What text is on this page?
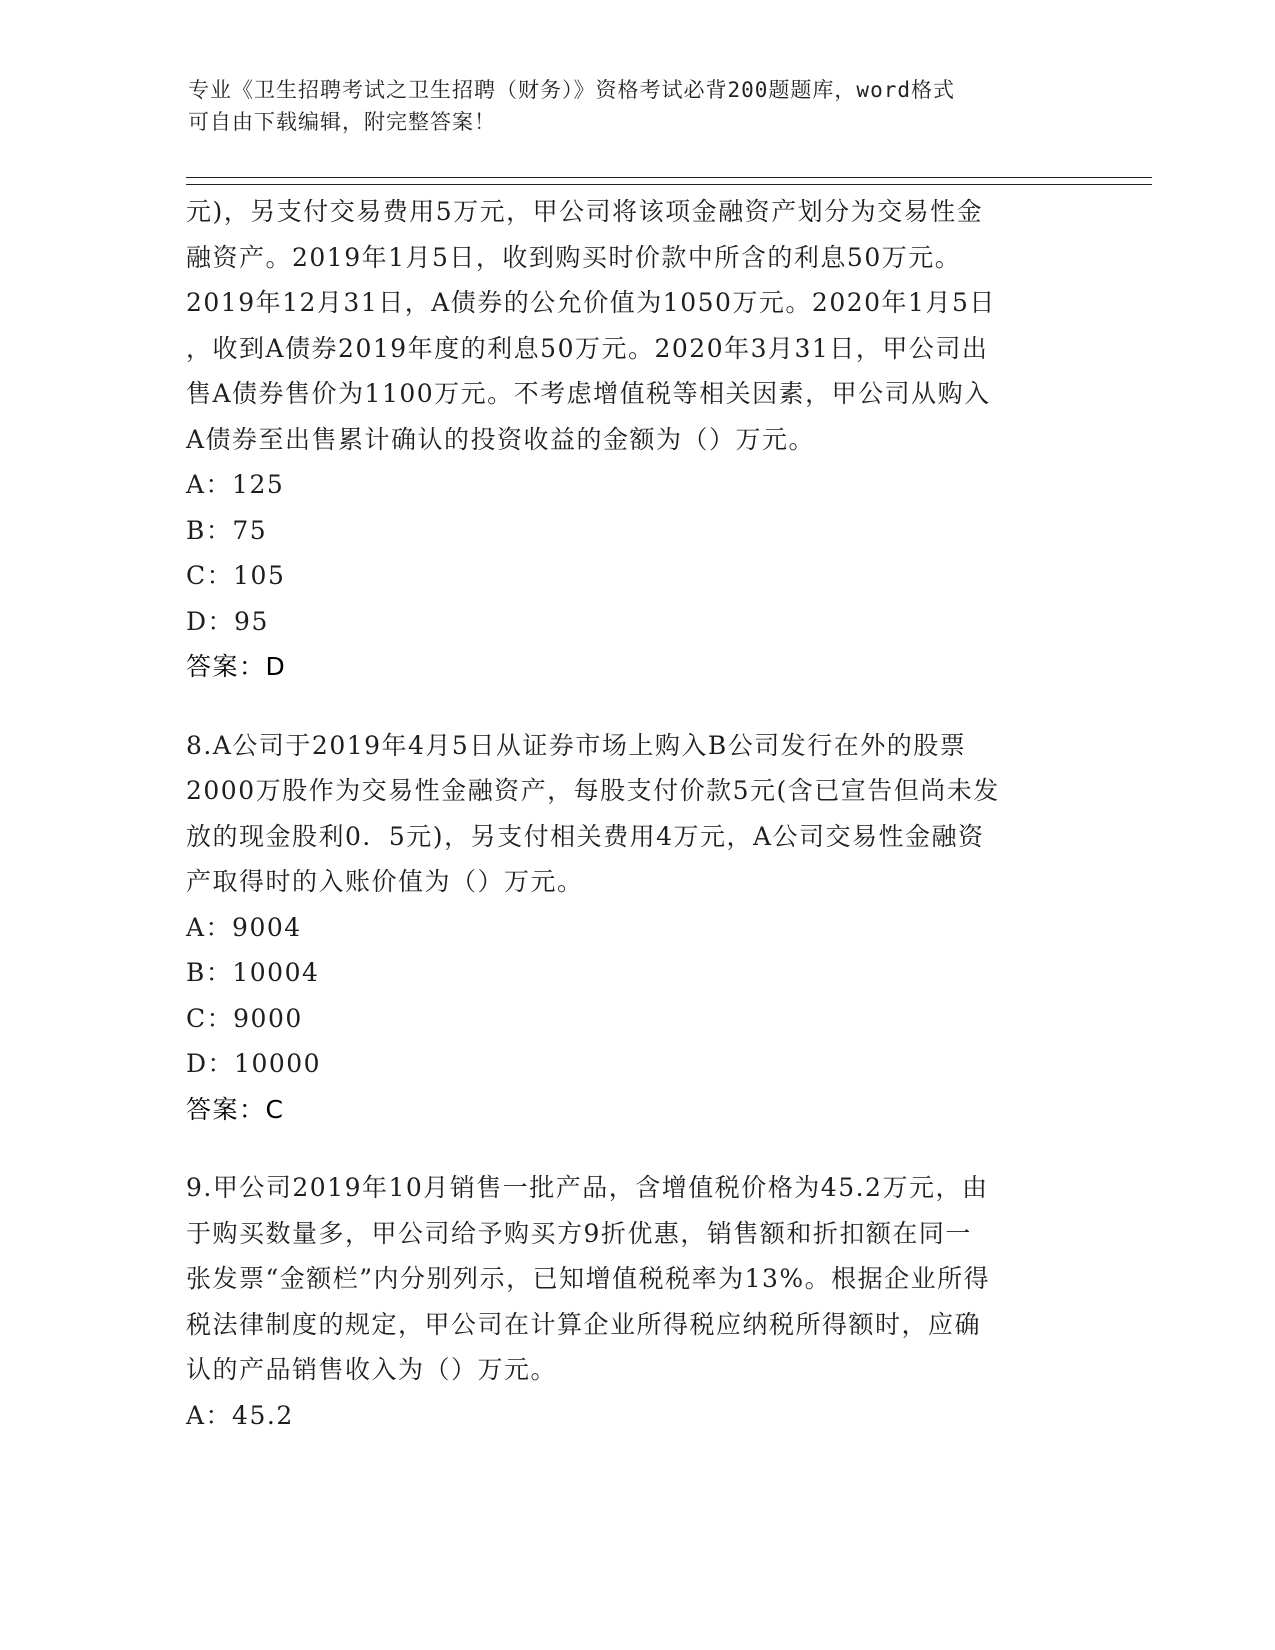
专业《卫生招聘考试之卫生招聘（财务）》资格考试必背200题题库，word格式
可自由下载编辑，附完整答案！
元)，另支付交易费用5万元，甲公司将该项金融资产划分为交易性金
融资产。2019年1月5日，收到购买时价款中所含的利息50万元。
2019年12月31日，A债券的公允价值为1050万元。2020年1月5日
，收到A债券2019年度的利息50万元。2020年3月31日，甲公司出
售A债券售价为1100万元。不考虑增值税等相关因素，甲公司从购入
A债券至出售累计确认的投资收益的金额为（）万元。
A：125
B：75
C：105
D：95
答案：D
8.A公司于2019年4月5日从证券市场上购入B公司发行在外的股票
2000万股作为交易性金融资产，每股支付价款5元(含已宣告但尚未发
放的现金股利0．5元)，另支付相关费用4万元，A公司交易性金融资
产取得时的入账价值为（）万元。
A：9004
B：10004
C：9000
D：10000
答案：C
9.甲公司2019年10月销售一批产品，含增值税价格为45.2万元，由
于购买数量多，甲公司给予购买方9折优惠，销售额和折扣额在同一
张发票“金额栏”内分别列示，已知增值税税率为13%。根据企业所得
税法律制度的规定，甲公司在计算企业所得税应纳税所得额时，应确
认的产品销售收入为（）万元。
A：45.2
